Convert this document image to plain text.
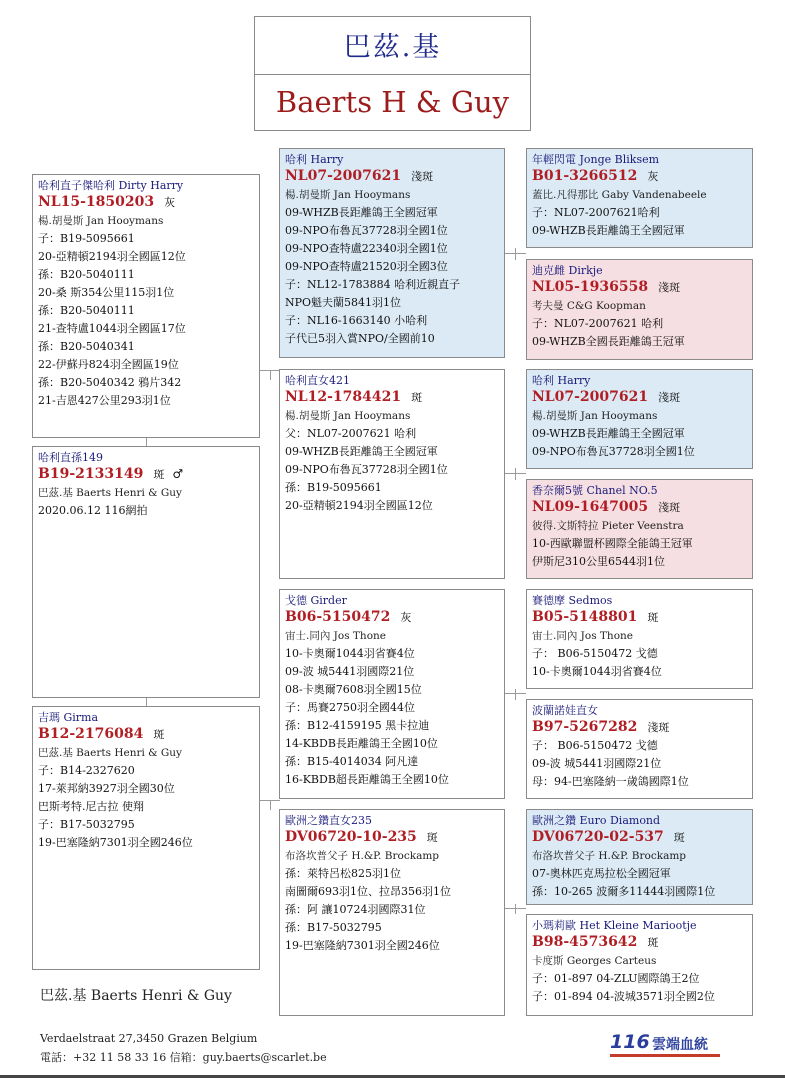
巴茲.基
Baerts H & Guy
哈利直子傑哈利 Dirty Harry
NL15-1850203 灰
楊.胡曼斯 Jan Hooymans
子：B19-5095661
20-亞精頓2194羽全國區12位
孫：B20-5040111
20-桑 斯354公里115羽1位
孫：B20-5040111
21-查特盧1044羽全國區17位
孫：B20-5040341
22-伊蘇丹824羽全國區19位
孫：B20-5040342 鴉片342
21-吉恩427公里293羽1位
哈利直孫149
B19-2133149 斑 ♂
巴茲.基 Baerts Henri & Guy
2020.06.12 116網拍
吉瑪 Girma
B12-2176084 斑
巴茲.基 Baerts Henri & Guy
子：B14-2327620
17-萊邦納3927羽全國30位
巴斯考特.尼古拉 使翔
子：B17-5032795
19-巴塞隆納7301羽全國246位
哈利 Harry
NL07-2007621 淺斑
楊.胡曼斯 Jan Hooymans
09-WHZB長距離鴿王全國冠軍
09-NPO布魯瓦37728羽全國1位
09-NPO查特盧22340羽全國1位
09-NPO查特盧21520羽全國3位
子：NL12-1783884 哈利近親直子
NPO魁夫蘭5841羽1位
子：NL16-1663140 小哈利
子代已5羽入賞NPO/全國前10
哈利直女421
NL12-1784421 斑
楊.胡曼斯 Jan Hooymans
父：NL07-2007621 哈利
09-WHZB長距離鴿王全國冠軍
09-NPO布魯瓦37728羽全國1位
孫：B19-5095661
20-亞精頓2194羽全國區12位
戈德 Girder
B06-5150472 灰
宙士.同內 Jos Thone
10-卡奧爾1044羽省賽4位
09-波 城5441羽國際21位
08-卡奧爾7608羽全國15位
子：馬賽2750羽全國44位
孫：B12-4159195 黑卡拉迪
14-KBDB長距離鴿王全國10位
孫：B15-4014034 阿凡達
16-KBDB超長距離鴿王全國10位
歐洲之鑽直女235
DV06720-10-235 斑
布洛坎普父子 H.&P. Brockamp
孫：萊特呂松825羽1位
南圖爾693羽1位、拉昂356羽1位
孫：阿 讓10724羽國際31位
孫：B17-5032795
19-巴塞隆納7301羽全國246位
年輕閃電 Jonge Bliksem
B01-3266512 灰
蓋比.凡得那比 Gaby Vandenabeele
子：NL07-2007621哈利
09-WHZB長距離鴿王全國冠軍
迪克雌 Dirkje
NL05-1936558 淺斑
考夫曼 C&G Koopman
子：NL07-2007621 哈利
09-WHZB全國長距離鴿王冠軍
哈利 Harry
NL07-2007621 淺斑
楊.胡曼斯 Jan Hooymans
09-WHZB長距離鴿王全國冠軍
09-NPO布魯瓦37728羽全國1位
香奈爾5號 Chanel NO.5
NL09-1647005 淺斑
彼得.文斯特拉 Pieter Veenstra
10-西歐聯盟杯國際全能鴿王冠軍
伊斯尼310公里6544羽1位
賽德摩 Sedmos
B05-5148801 斑
宙士.同內 Jos Thone
子： B06-5150472 戈德
10-卡奧爾1044羽省賽4位
波蘭諾娃直女
B97-5267282 淺斑
子： B06-5150472 戈德
09-波 城5441羽國際21位
母：94-巴塞隆納一歲鴿國際1位
歐洲之鑽 Euro Diamond
DV06720-02-537 斑
布洛坎普父子 H.&P. Brockamp
07-奧林匹克馬拉松全國冠軍
孫：10-265 波爾多11444羽國際1位
小瑪莉歐 Het Kleine Mariootje
B98-4573642 斑
卡度斯 Georges Carteus
子：01-897 04-ZLU國際鴿王2位
子：01-894 04-波城3571羽全國2位
巴茲.基 Baerts Henri & Guy
Verdaelstraat 27,3450 Grazen Belgium
電話：+32 11 58 33 16 信箱：guy.baerts@scarlet.be
116 雲端血統
